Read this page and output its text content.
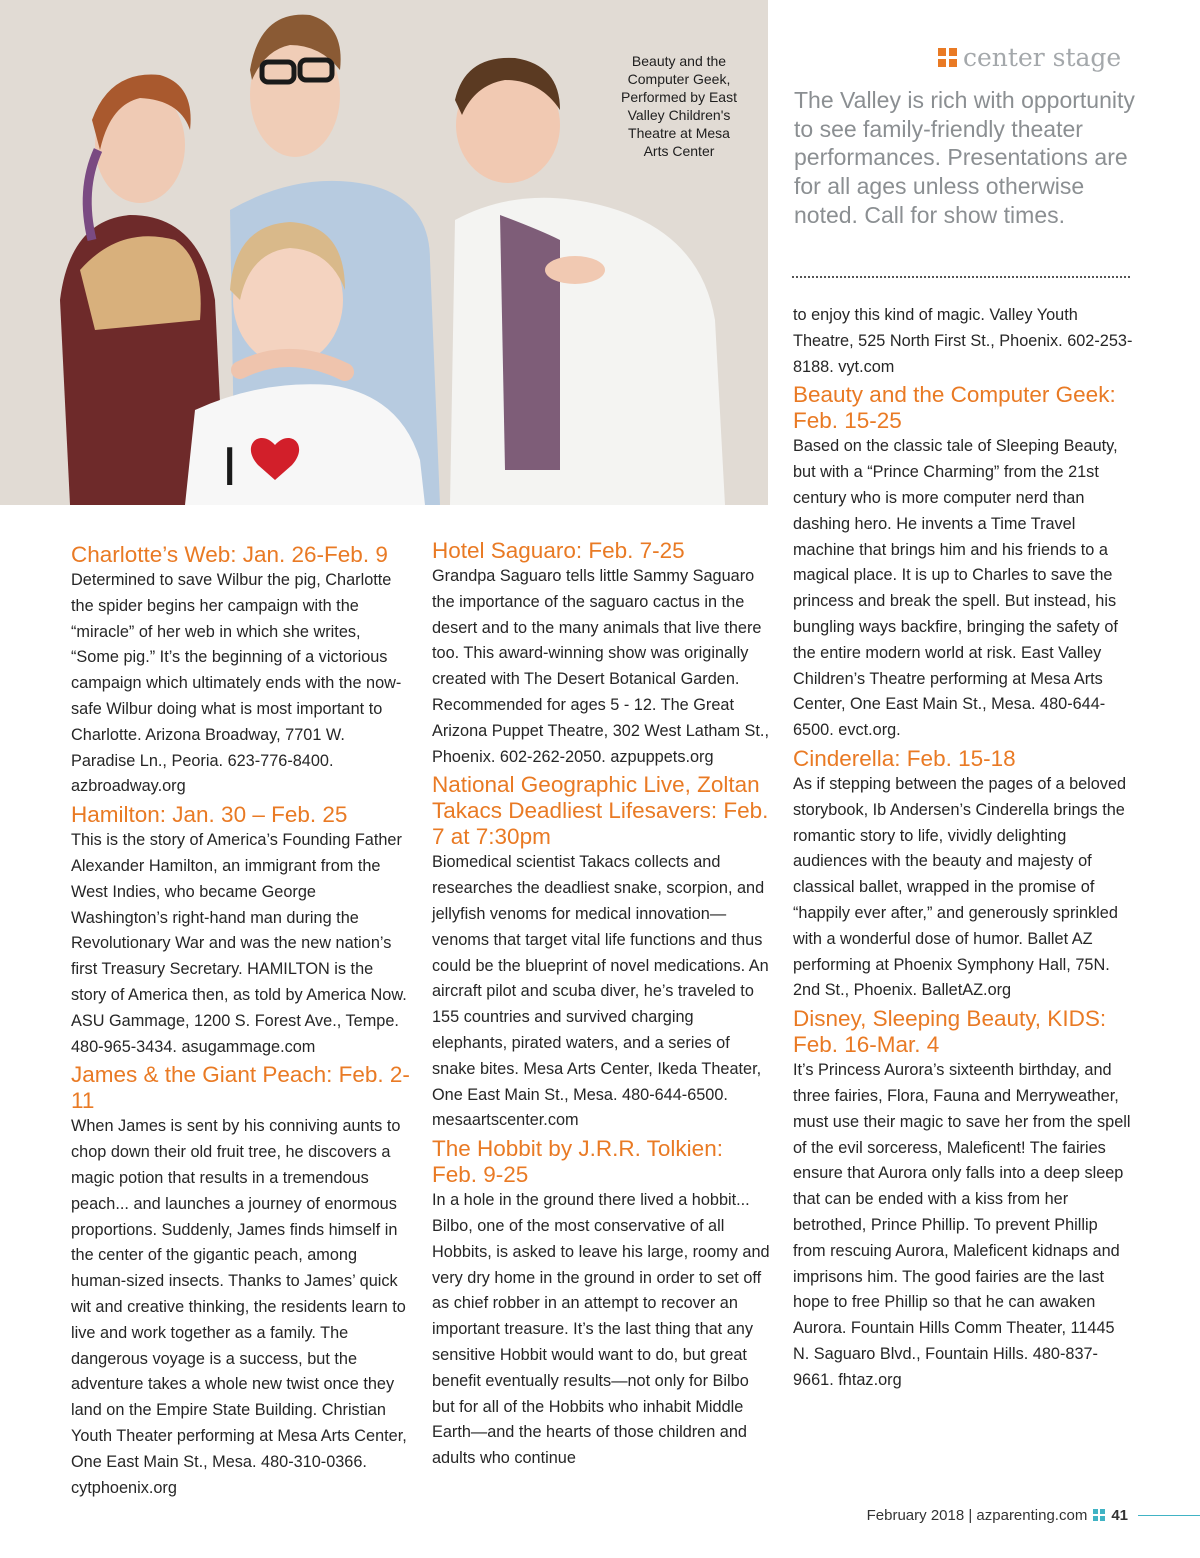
I
Beauty and the
Computer Geek,
Performed by East
Valley Children's
Theatre at Mesa
Arts Center
center stage

The Valley is rich with opportunity to see family-friendly theater performances. Presentations are for all ages unless otherwise noted. Call for show times.

Charlotte’s Web: Jan. 26-Feb. 9

Determined to save Wilbur the pig, Charlotte the spider begins her campaign with the “miracle” of her web in which she writes, “Some pig.” It’s the beginning of a victorious campaign which ultimately ends with the now-safe Wilbur doing what is most important to Charlotte. Arizona Broadway, 7701 W. Paradise Ln., Peoria. 623-776-8400. azbroadway.org

Hamilton: Jan. 30 – Feb. 25

This is the story of America’s Founding Father Alexander Hamilton, an immigrant from the West Indies, who became George Washington’s right-hand man during the Revolutionary War and was the new nation’s first Treasury Secretary. HAMILTON is the story of America then, as told by America Now. ASU Gammage, 1200 S. Forest Ave., Tempe. 480-965-3434. asugammage.com

James & the Giant Peach: Feb. 2-11

When James is sent by his conniving aunts to chop down their old fruit tree, he discovers a magic potion that results in a tremendous peach... and launches a journey of enormous proportions. Suddenly, James finds himself in the center of the gigantic peach, among human-sized insects. Thanks to James’ quick wit and creative thinking, the residents learn to live and work together as a family. The dangerous voyage is a success, but the adventure takes a whole new twist once they land on the Empire State Building. Christian Youth Theater performing at Mesa Arts Center, One East Main St., Mesa. 480-310-0366. cytphoenix.org

Hotel Saguaro: Feb. 7-25

Grandpa Saguaro tells little Sammy Saguaro the importance of the saguaro cactus in the desert and to the many animals that live there too. This award-winning show was originally created with The Desert Botanical Garden. Recommended for ages 5 - 12. The Great Arizona Puppet Theatre, 302 West Latham St., Phoenix. 602-262-2050. azpuppets.org

National Geographic Live, Zoltan Takacs Deadliest Lifesavers: Feb. 7 at 7:30pm

Biomedical scientist Takacs collects and researches the deadliest snake, scorpion, and jellyfish venoms for medical innovation—venoms that target vital life functions and thus could be the blueprint of novel medications. An aircraft pilot and scuba diver, he’s traveled to 155 countries and survived charging elephants, pirated waters, and a series of snake bites. Mesa Arts Center, Ikeda Theater, One East Main St., Mesa. 480-644-6500. mesaartscenter.com

The Hobbit by J.R.R. Tolkien: Feb. 9-25

In a hole in the ground there lived a hobbit... Bilbo, one of the most conservative of all Hobbits, is asked to leave his large, roomy and very dry home in the ground in order to set off as chief robber in an attempt to recover an important treasure. It’s the last thing that any sensitive Hobbit would want to do, but great benefit eventually results—not only for Bilbo but for all of the Hobbits who inhabit Middle Earth—and the hearts of those children and adults who continue

to enjoy this kind of magic. Valley Youth Theatre, 525 North First St., Phoenix. 602-253-8188. vyt.com

Beauty and the Computer Geek: Feb. 15-25

Based on the classic tale of Sleeping Beauty, but with a “Prince Charming” from the 21st century who is more computer nerd than dashing hero. He invents a Time Travel machine that brings him and his friends to a magical place. It is up to Charles to save the princess and break the spell. But instead, his bungling ways backfire, bringing the safety of the entire modern world at risk. East Valley Children’s Theatre performing at Mesa Arts Center, One East Main St., Mesa. 480-644-6500. evct.org.

Cinderella: Feb. 15-18

As if stepping between the pages of a beloved storybook, Ib Andersen’s Cinderella brings the romantic story to life, vividly delighting audiences with the beauty and majesty of classical ballet, wrapped in the promise of “happily ever after,” and generously sprinkled with a wonderful dose of humor. Ballet AZ performing at Phoenix Symphony Hall, 75N. 2nd St., Phoenix. BalletAZ.org

Disney, Sleeping Beauty, KIDS: Feb. 16-Mar. 4

It’s Princess Aurora’s sixteenth birthday, and three fairies, Flora, Fauna and Merryweather, must use their magic to save her from the spell of the evil sorceress, Maleficent! The fairies ensure that Aurora only falls into a deep sleep that can be ended with a kiss from her betrothed, Prince Phillip. To prevent Phillip from rescuing Aurora, Maleficent kidnaps and imprisons him. The good fairies are the last hope to free Phillip so that he can awaken Aurora. Fountain Hills Comm Theater, 11445 N. Saguaro Blvd., Fountain Hills. 480-837-9661. fhtaz.org

February 2018 | azparenting.com 41
